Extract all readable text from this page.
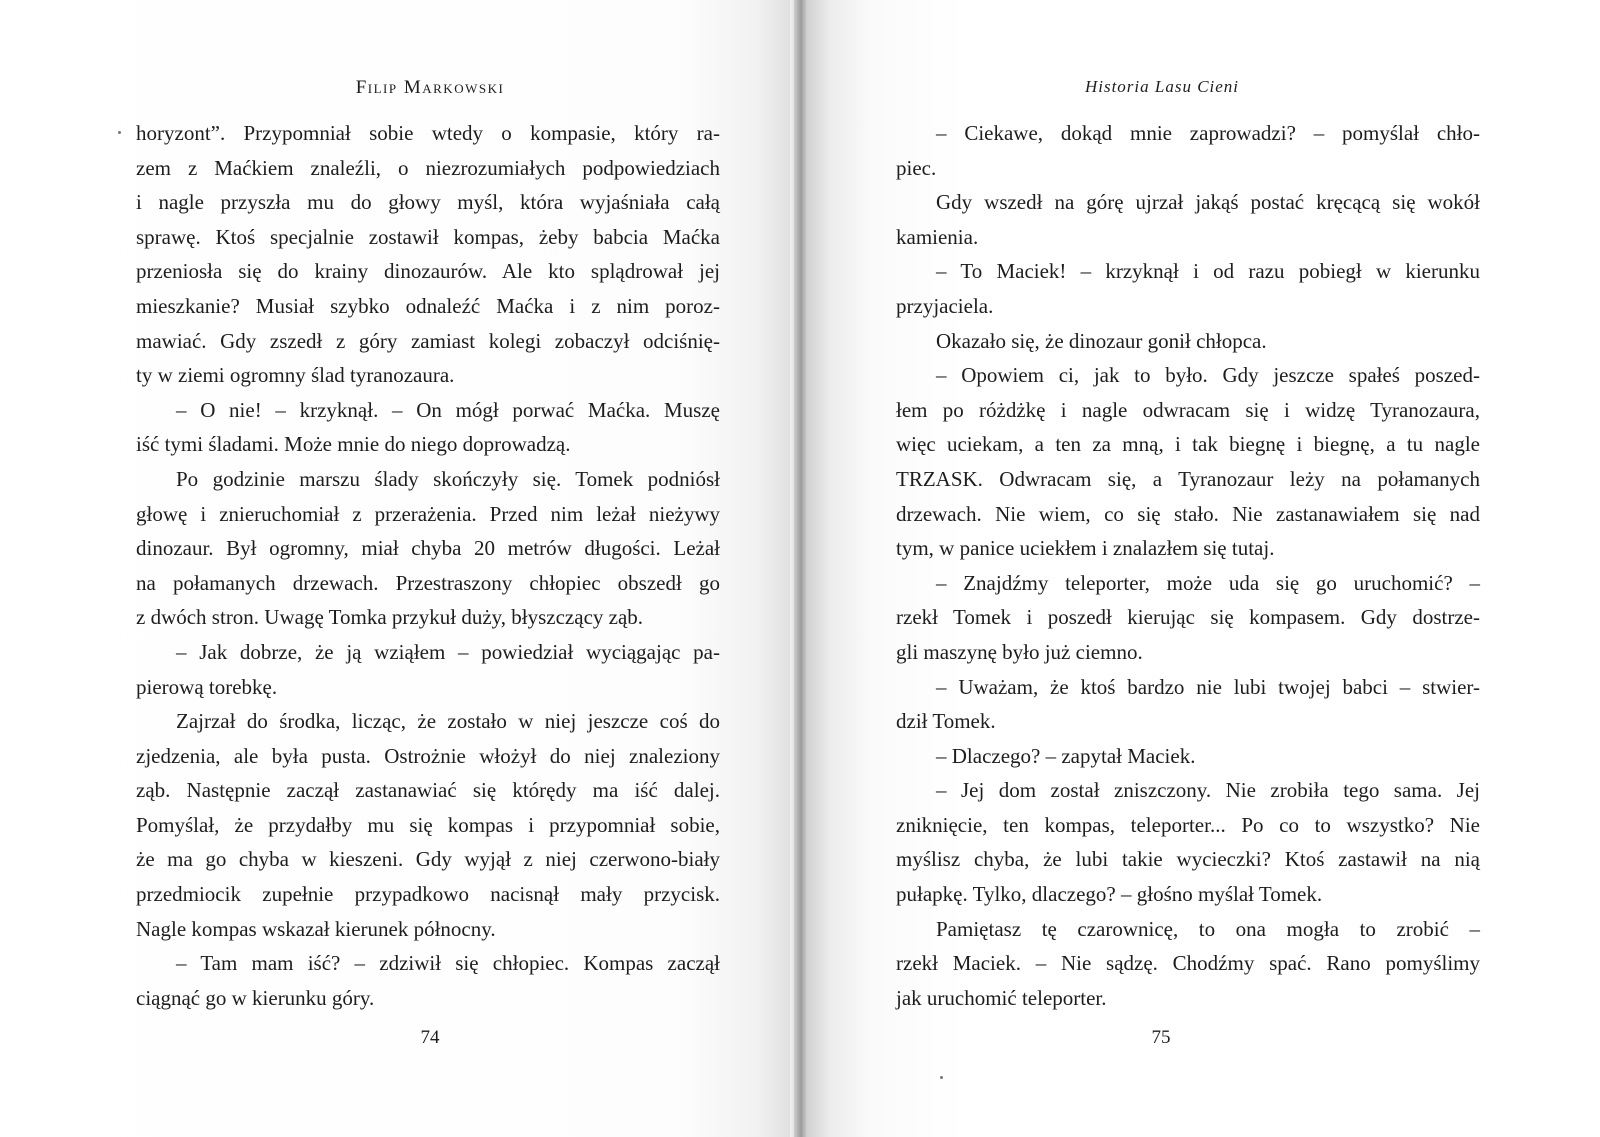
Filip Markowski
horyzont”. Przypomniał sobie wtedy o kompasie, który ra-
zem z Maćkiem znaleźli, o niezrozumiałych podpowiedziach
i nagle przyszła mu do głowy myśl, która wyjaśniała całą
sprawę. Ktoś specjalnie zostawił kompas, żeby babcia Maćka
przeniosła się do krainy dinozaurów. Ale kto splądrował jej
mieszkanie? Musiał szybko odnaleźć Maćka i z nim poroz-
mawiać. Gdy zszedł z góry zamiast kolegi zobaczył odciśnię-
ty w ziemi ogromny ślad tyranozaura.
– O nie! – krzyknął. – On mógł porwać Maćka. Muszę
iść tymi śladami. Może mnie do niego doprowadzą.
Po godzinie marszu ślady skończyły się. Tomek podniósł
głowę i znieruchomiał z przerażenia. Przed nim leżał nieżywy
dinozaur. Był ogromny, miał chyba 20 metrów długości. Leżał
na połamanych drzewach. Przestraszony chłopiec obszedł go
z dwóch stron. Uwagę Tomka przykuł duży, błyszczący ząb.
– Jak dobrze, że ją wziąłem – powiedział wyciągając pa-
pierową torebkę.
Zajrzał do środka, licząc, że zostało w niej jeszcze coś do
zjedzenia, ale była pusta. Ostrożnie włożył do niej znaleziony
ząb. Następnie zaczął zastanawiać się którędy ma iść dalej.
Pomyślał, że przydałby mu się kompas i przypomniał sobie,
że ma go chyba w kieszeni. Gdy wyjął z niej czerwono-biały
przedmiocik zupełnie przypadkowo nacisnął mały przycisk.
Nagle kompas wskazał kierunek północny.
– Tam mam iść? – zdziwił się chłopiec. Kompas zaczął
ciągnąć go w kierunku góry.
74
Historia Lasu Cieni
– Ciekawe, dokąd mnie zaprowadzi? – pomyślał chło-
piec.
Gdy wszedł na górę ujrzał jakąś postać kręcącą się wokół
kamienia.
– To Maciek! – krzyknął i od razu pobiegł w kierunku
przyjaciela.
Okazało się, że dinozaur gonił chłopca.
– Opowiem ci, jak to było. Gdy jeszcze spałeś poszed-
łem po różdżkę i nagle odwracam się i widzę Tyranozaura,
więc uciekam, a ten za mną, i tak biegnę i biegnę, a tu nagle
TRZASK. Odwracam się, a Tyranozaur leży na połamanych
drzewach. Nie wiem, co się stało. Nie zastanawiałem się nad
tym, w panice uciekłem i znalazłem się tutaj.
– Znajdźmy teleporter, może uda się go uruchomić? –
rzekł Tomek i poszedł kierując się kompasem. Gdy dostrze-
gli maszynę było już ciemno.
– Uważam, że ktoś bardzo nie lubi twojej babci – stwier-
dził Tomek.
– Dlaczego? – zapytał Maciek.
– Jej dom został zniszczony. Nie zrobiła tego sama. Jej
zniknięcie, ten kompas, teleporter... Po co to wszystko? Nie
myślisz chyba, że lubi takie wycieczki? Ktoś zastawił na nią
pułapkę. Tylko, dlaczego? – głośno myślał Tomek.
Pamiętasz tę czarownicę, to ona mogła to zrobić –
rzekł Maciek. – Nie sądzę. Chodźmy spać. Rano pomyślimy
jak uruchomić teleporter.
75
